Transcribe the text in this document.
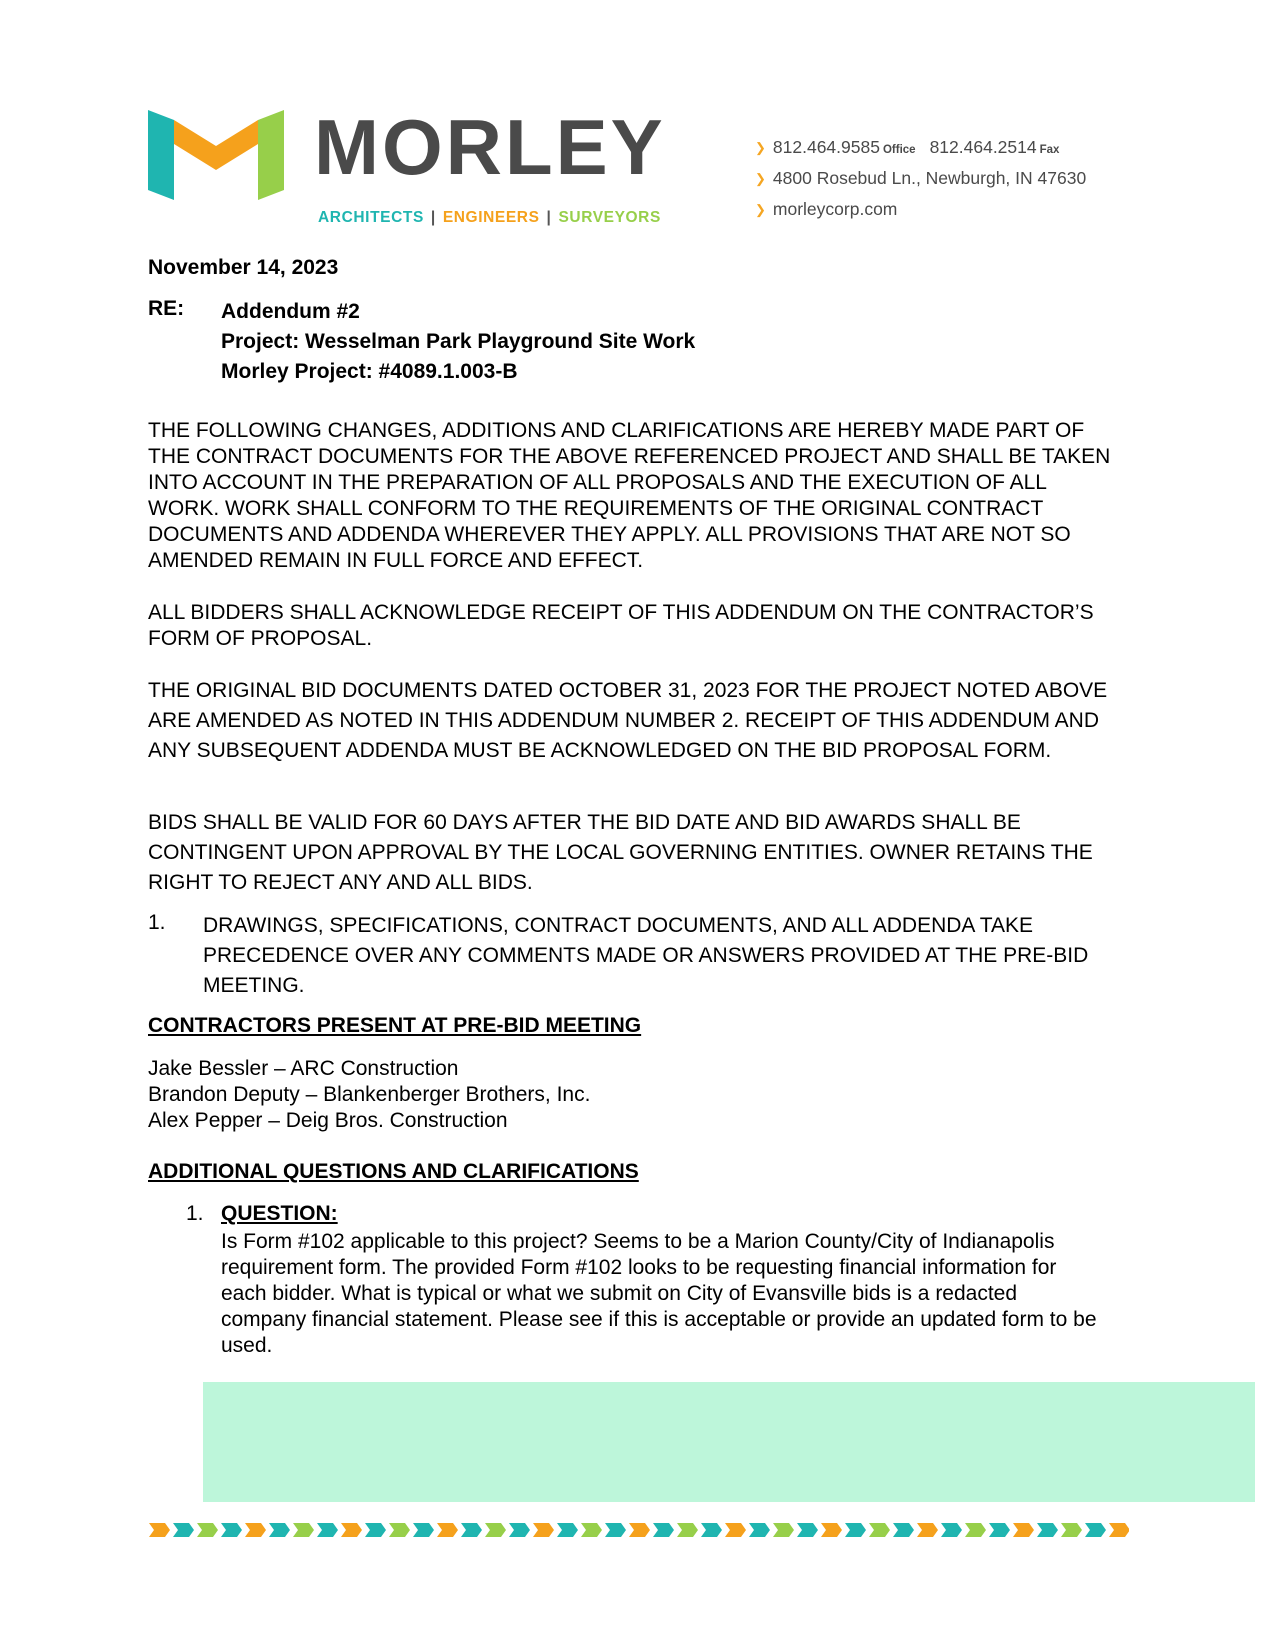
MORLEY
ARCHITECTS | ENGINEERS | SURVEYORS
❯ 812.464.9585 Office 812.464.2514 Fax
❯ 4800 Rosebud Ln., Newburgh, IN 47630
❯ morleycorp.com
November 14, 2023
RE: Addendum #2
Project: Wesselman Park Playground Site Work
Morley Project: #4089.1.003-B

THE FOLLOWING CHANGES, ADDITIONS AND CLARIFICATIONS ARE HEREBY MADE PART OF THE CONTRACT DOCUMENTS FOR THE ABOVE REFERENCED PROJECT AND SHALL BE TAKEN INTO ACCOUNT IN THE PREPARATION OF ALL PROPOSALS AND THE EXECUTION OF ALL WORK. WORK SHALL CONFORM TO THE REQUIREMENTS OF THE ORIGINAL CONTRACT DOCUMENTS AND ADDENDA WHEREVER THEY APPLY. ALL PROVISIONS THAT ARE NOT SO AMENDED REMAIN IN FULL FORCE AND EFFECT.

ALL BIDDERS SHALL ACKNOWLEDGE RECEIPT OF THIS ADDENDUM ON THE CONTRACTOR’S FORM OF PROPOSAL.

THE ORIGINAL BID DOCUMENTS DATED OCTOBER 31, 2023 FOR THE PROJECT NOTED ABOVE ARE AMENDED AS NOTED IN THIS ADDENDUM NUMBER 2. RECEIPT OF THIS ADDENDUM AND ANY SUBSEQUENT ADDENDA MUST BE ACKNOWLEDGED ON THE BID PROPOSAL FORM.

BIDS SHALL BE VALID FOR 60 DAYS AFTER THE BID DATE AND BID AWARDS SHALL BE CONTINGENT UPON APPROVAL BY THE LOCAL GOVERNING ENTITIES. OWNER RETAINS THE RIGHT TO REJECT ANY AND ALL BIDS.

1. DRAWINGS, SPECIFICATIONS, CONTRACT DOCUMENTS, AND ALL ADDENDA TAKE PRECEDENCE OVER ANY COMMENTS MADE OR ANSWERS PROVIDED AT THE PRE-BID MEETING.

CONTRACTORS PRESENT AT PRE-BID MEETING
Jake Bessler – ARC Construction
Brandon Deputy – Blankenberger Brothers, Inc.
Alex Pepper – Deig Bros. Construction
ADDITIONAL QUESTIONS AND CLARIFICATIONS
1. QUESTION:

Is Form #102 applicable to this project? Seems to be a Marion County/City of Indianapolis requirement form. The provided Form #102 looks to be requesting financial information for each bidder. What is typical or what we submit on City of Evansville bids is a redacted company financial statement. Please see if this is acceptable or provide an updated form to be used.
